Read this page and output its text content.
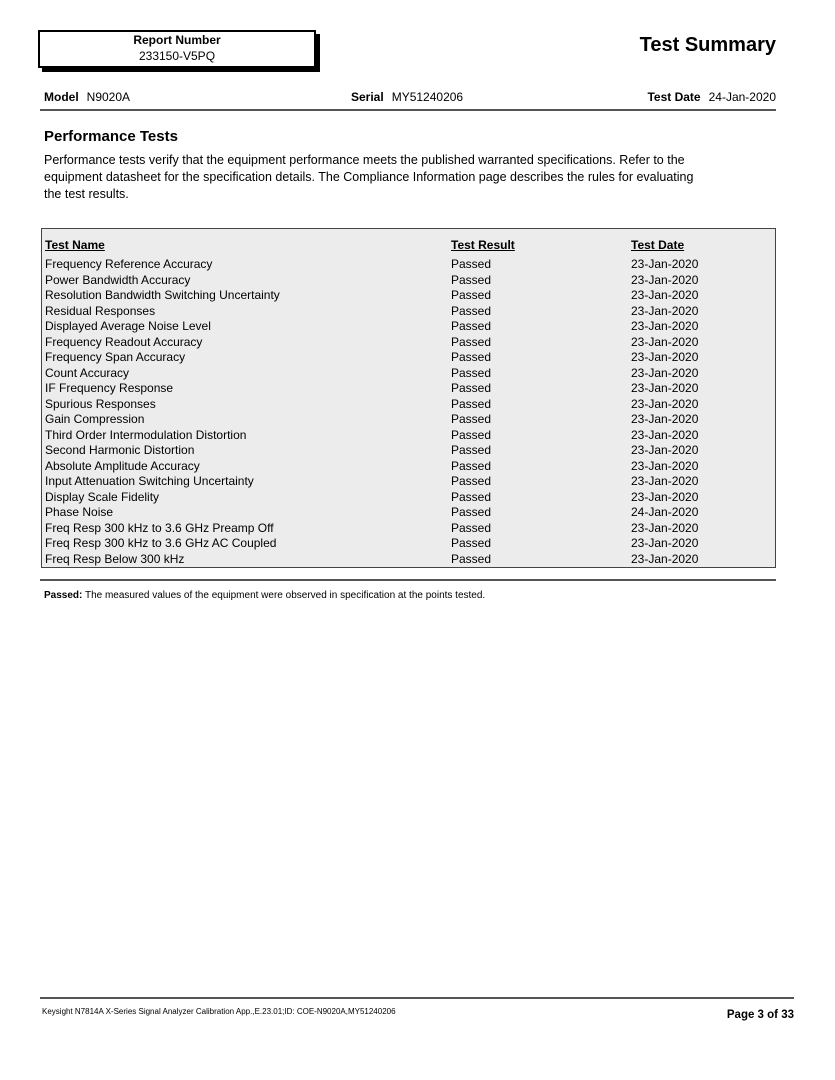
Report Number
233150-V5PQ	Test Summary
Model N9020A	Serial MY51240206	Test Date 24-Jan-2020
Performance Tests
Performance tests verify that the equipment performance meets the published warranted specifications. Refer to the equipment datasheet for the specification details. The Compliance Information page describes the rules for evaluating the test results.
Test Name	Test Result	Test Date
Frequency Reference Accuracy	Passed	23-Jan-2020
Power Bandwidth Accuracy	Passed	23-Jan-2020
Resolution Bandwidth Switching Uncertainty	Passed	23-Jan-2020
Residual Responses	Passed	23-Jan-2020
Displayed Average Noise Level	Passed	23-Jan-2020
Frequency Readout Accuracy	Passed	23-Jan-2020
Frequency Span Accuracy	Passed	23-Jan-2020
Count Accuracy	Passed	23-Jan-2020
IF Frequency Response	Passed	23-Jan-2020
Spurious Responses	Passed	23-Jan-2020
Gain Compression	Passed	23-Jan-2020
Third Order Intermodulation Distortion	Passed	23-Jan-2020
Second Harmonic Distortion	Passed	23-Jan-2020
Absolute Amplitude Accuracy	Passed	23-Jan-2020
Input Attenuation Switching Uncertainty	Passed	23-Jan-2020
Display Scale Fidelity	Passed	23-Jan-2020
Phase Noise	Passed	24-Jan-2020
Freq Resp 300 kHz to 3.6 GHz Preamp Off	Passed	23-Jan-2020
Freq Resp 300 kHz to 3.6 GHz AC Coupled	Passed	23-Jan-2020
Freq Resp Below 300 kHz	Passed	23-Jan-2020
Passed: The measured values of the equipment were observed in specification at the points tested.
Keysight N7814A X-Series Signal Analyzer Calibration App.,E.23.01;ID: COE-N9020A,MY51240206	Page 3 of 33
